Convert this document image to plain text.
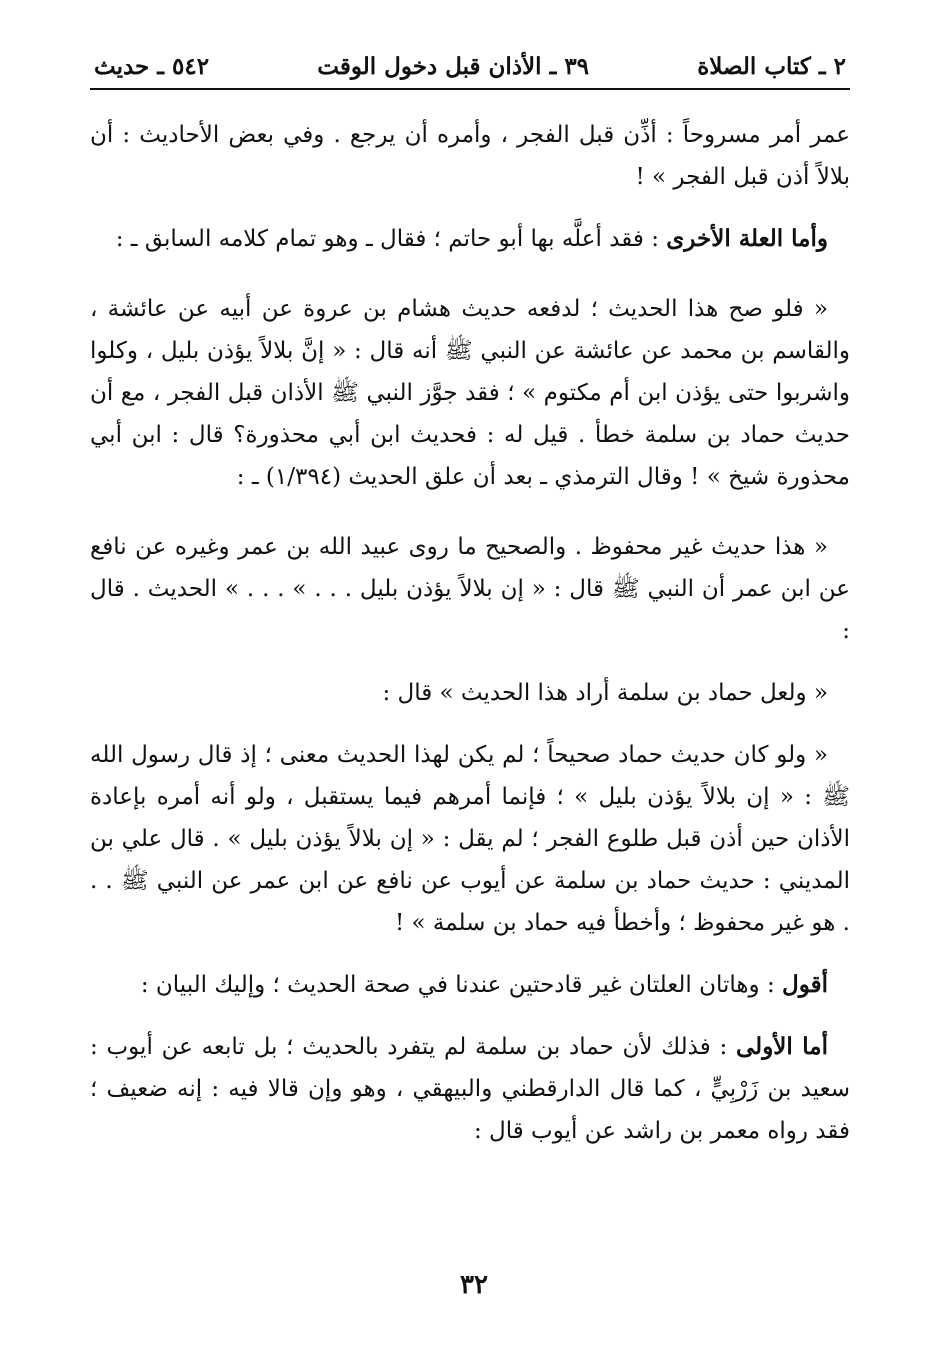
٢ ـ كتاب الصلاة
٣٩ ـ الأذان قبل دخول الوقت
٥٤٢ ـ حديث

عمر أمر مسروحاً : أذِّن قبل الفجر ، وأمره أن يرجع . وفي بعض الأحاديث : أن بلالاً أذن قبل الفجر » !

وأما العلة الأخرى : فقد أعلَّه بها أبو حاتم ؛ فقال ـ وهو تمام كلامه السابق ـ :

« فلو صح هذا الحديث ؛ لدفعه حديث هشام بن عروة عن أبيه عن عائشة ، والقاسم بن محمد عن عائشة عن النبي ﷺ أنه قال : « إنَّ بلالاً يؤذن بليل ، وكلوا واشربوا حتى يؤذن ابن أم مكتوم » ؛ فقد جوَّز النبي ﷺ الأذان قبل الفجر ، مع أن حديث حماد بن سلمة خطأ . قيل له : فحديث ابن أبي محذورة؟ قال : ابن أبي محذورة شيخ » ! وقال الترمذي ـ بعد أن علق الحديث (١/٣٩٤) ـ :

« هذا حديث غير محفوظ . والصحيح ما روى عبيد الله بن عمر وغيره عن نافع عن ابن عمر أن النبي ﷺ قال : « إن بلالاً يؤذن بليل . . . » . . . » الحديث . قال :

« ولعل حماد بن سلمة أراد هذا الحديث » قال :

« ولو كان حديث حماد صحيحاً ؛ لم يكن لهذا الحديث معنى ؛ إذ قال رسول الله ﷺ : « إن بلالاً يؤذن بليل » ؛ فإنما أمرهم فيما يستقبل ، ولو أنه أمره بإعادة الأذان حين أذن قبل طلوع الفجر ؛ لم يقل : « إن بلالاً يؤذن بليل » . قال علي بن المديني : حديث حماد بن سلمة عن أيوب عن نافع عن ابن عمر عن النبي ﷺ . . . هو غير محفوظ ؛ وأخطأ فيه حماد بن سلمة » !

أقول : وهاتان العلتان غير قادحتين عندنا في صحة الحديث ؛ وإليك البيان :

أما الأولى : فذلك لأن حماد بن سلمة لم يتفرد بالحديث ؛ بل تابعه عن أيوب : سعيد بن زَرْبِيٍّ ، كما قال الدارقطني والبيهقي ، وهو وإن قالا فيه : إنه ضعيف ؛ فقد رواه معمر بن راشد عن أيوب قال :

٣٢
